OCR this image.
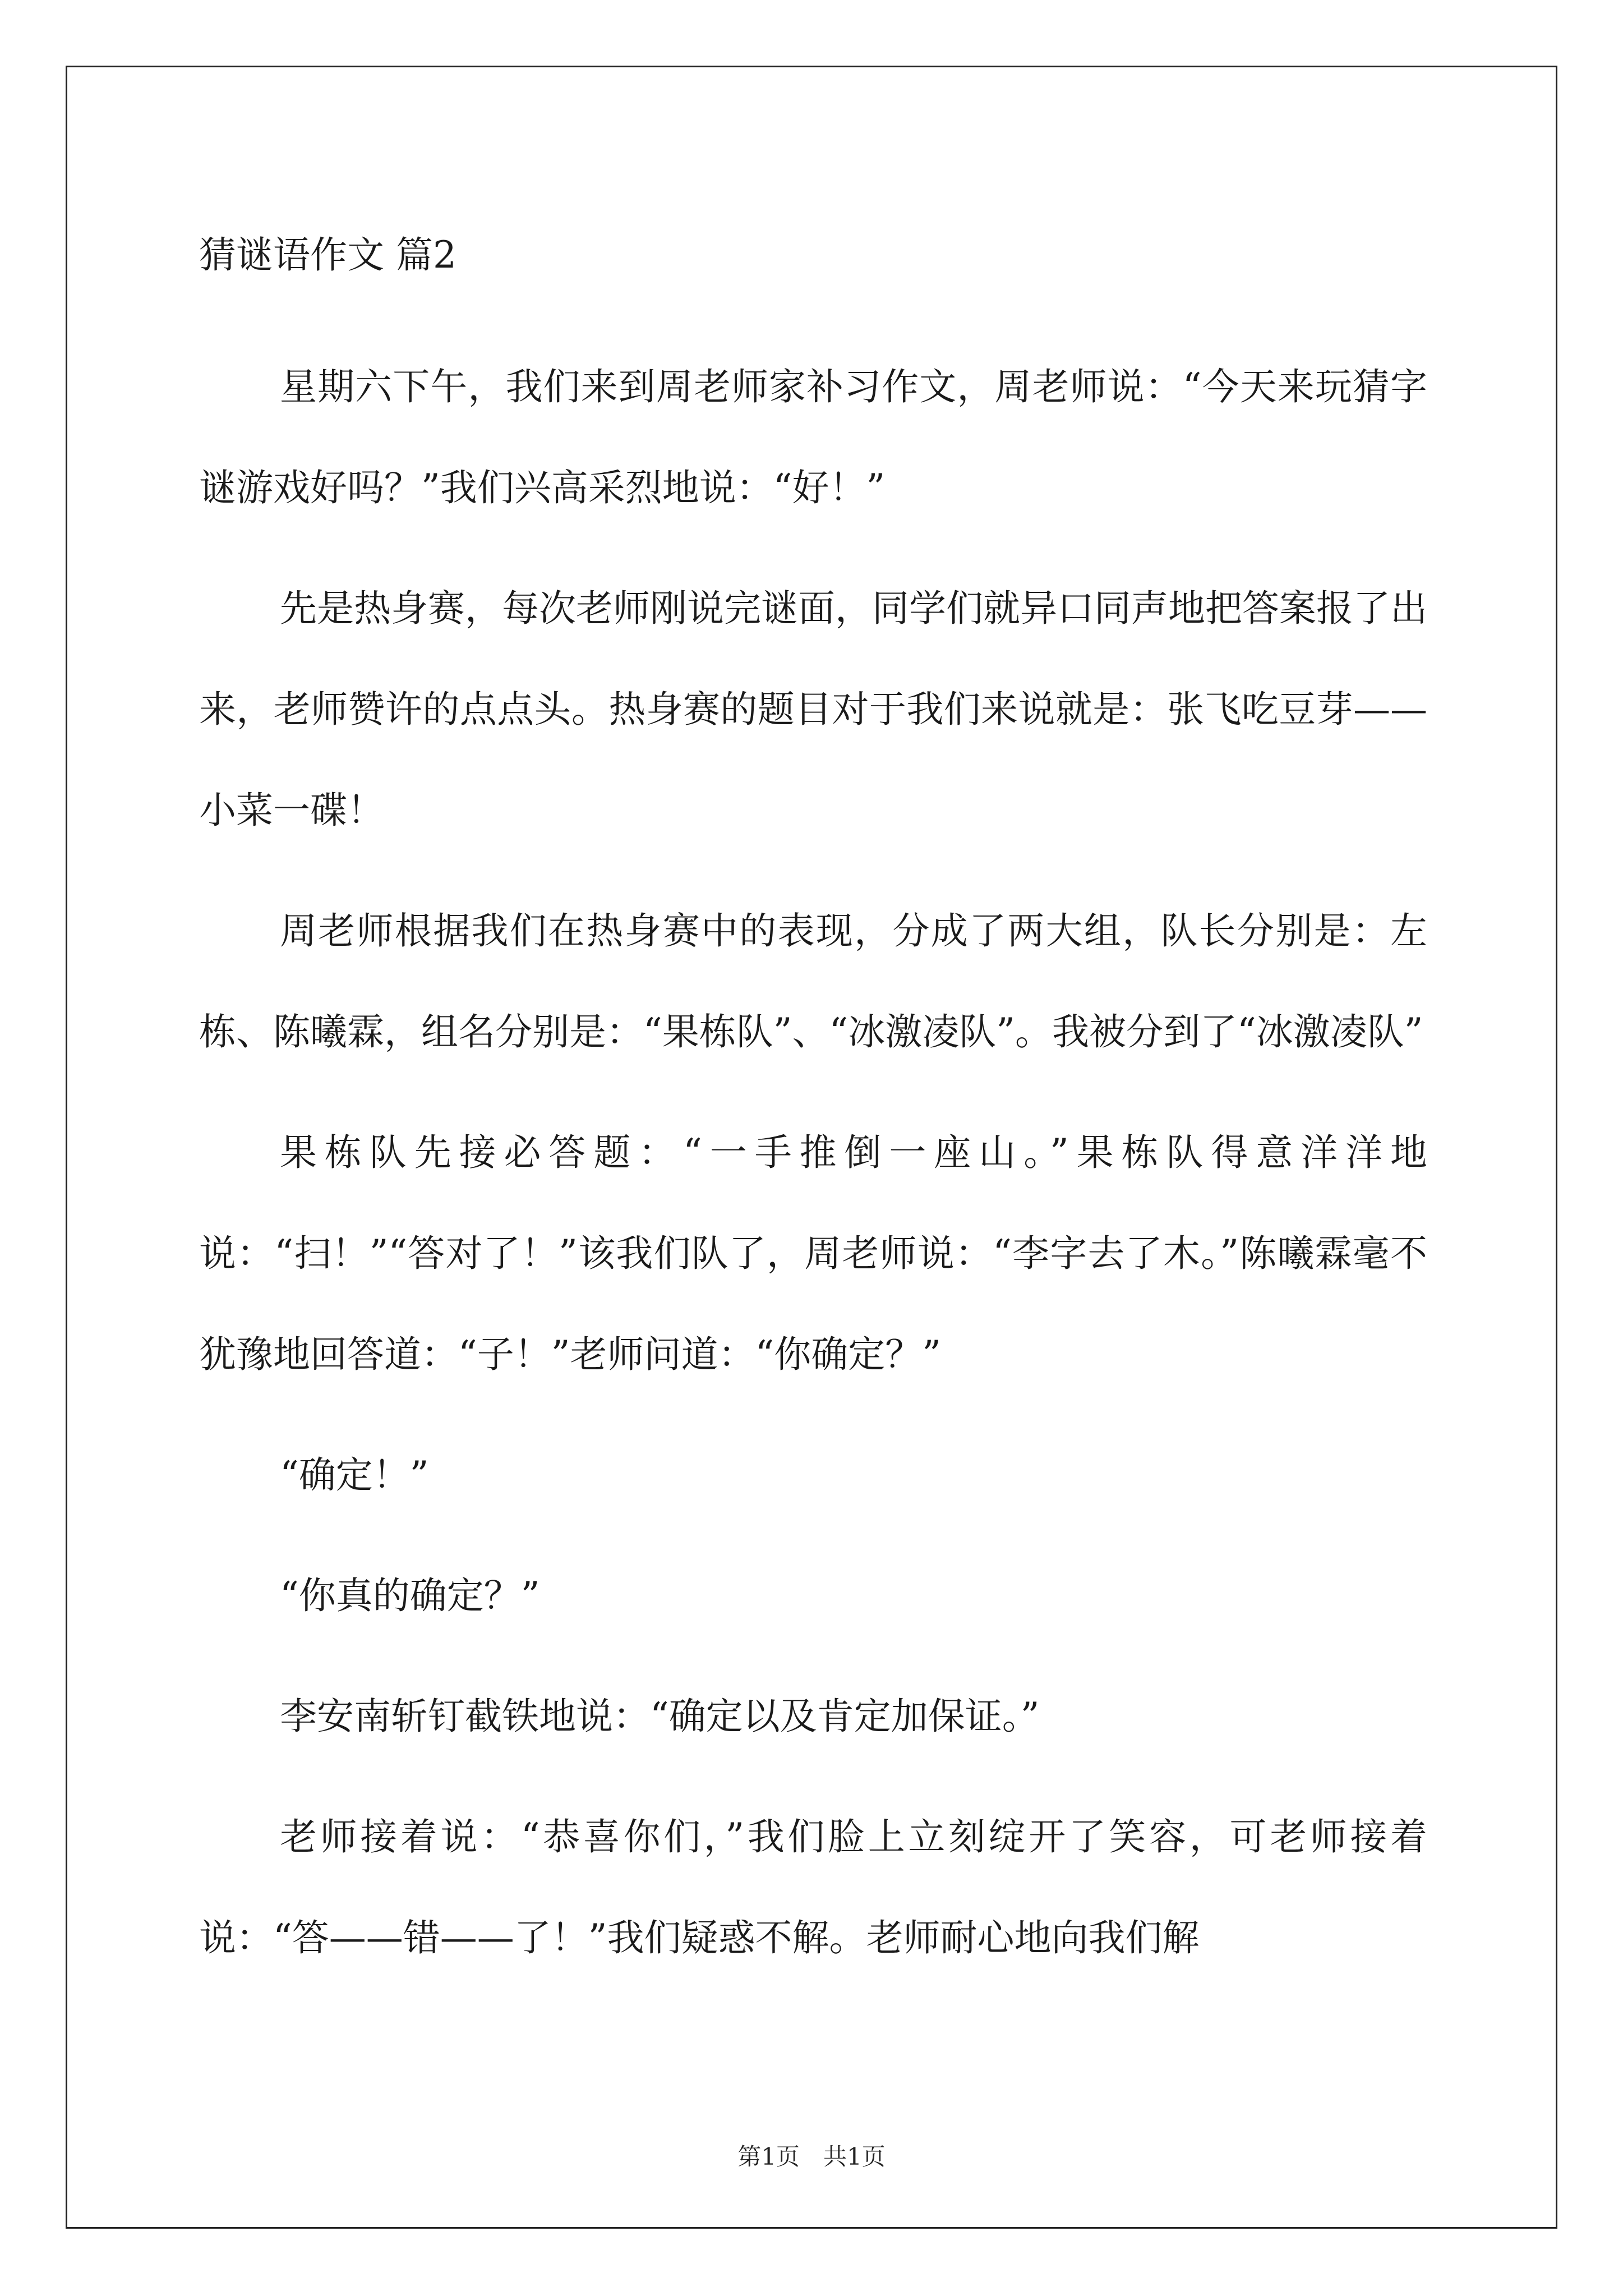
猜谜语作文 篇2

星期六下午，我们来到周老师家补习作文，周老师说：“今天来玩猜字谜游戏好吗？”我们兴高采烈地说：“好！”

先是热身赛，每次老师刚说完谜面，同学们就异口同声地把答案报了出来，老师赞许的点点头。热身赛的题目对于我们来说就是：张飞吃豆芽——小菜一碟！

周老师根据我们在热身赛中的表现，分成了两大组，队长分别是：左栋、陈曦霖，组名分别是：“果栋队”、“冰激凌队”。我被分到了“冰激凌队”

果栋队先接必答题：“一手推倒一座山。”果栋队得意洋洋地说：“扫！”“答对了！”该我们队了，周老师说：“李字去了木。”陈曦霖毫不犹豫地回答道：“子！”老师问道：“你确定？”

“确定！”

“你真的确定？”

李安南斩钉截铁地说：“确定以及肯定加保证。”

老师接着说：“恭喜你们，”我们脸上立刻绽开了笑容，可老师接着说：“答——错——了！”我们疑惑不解。老师耐心地向我们解

第1页　共1页
